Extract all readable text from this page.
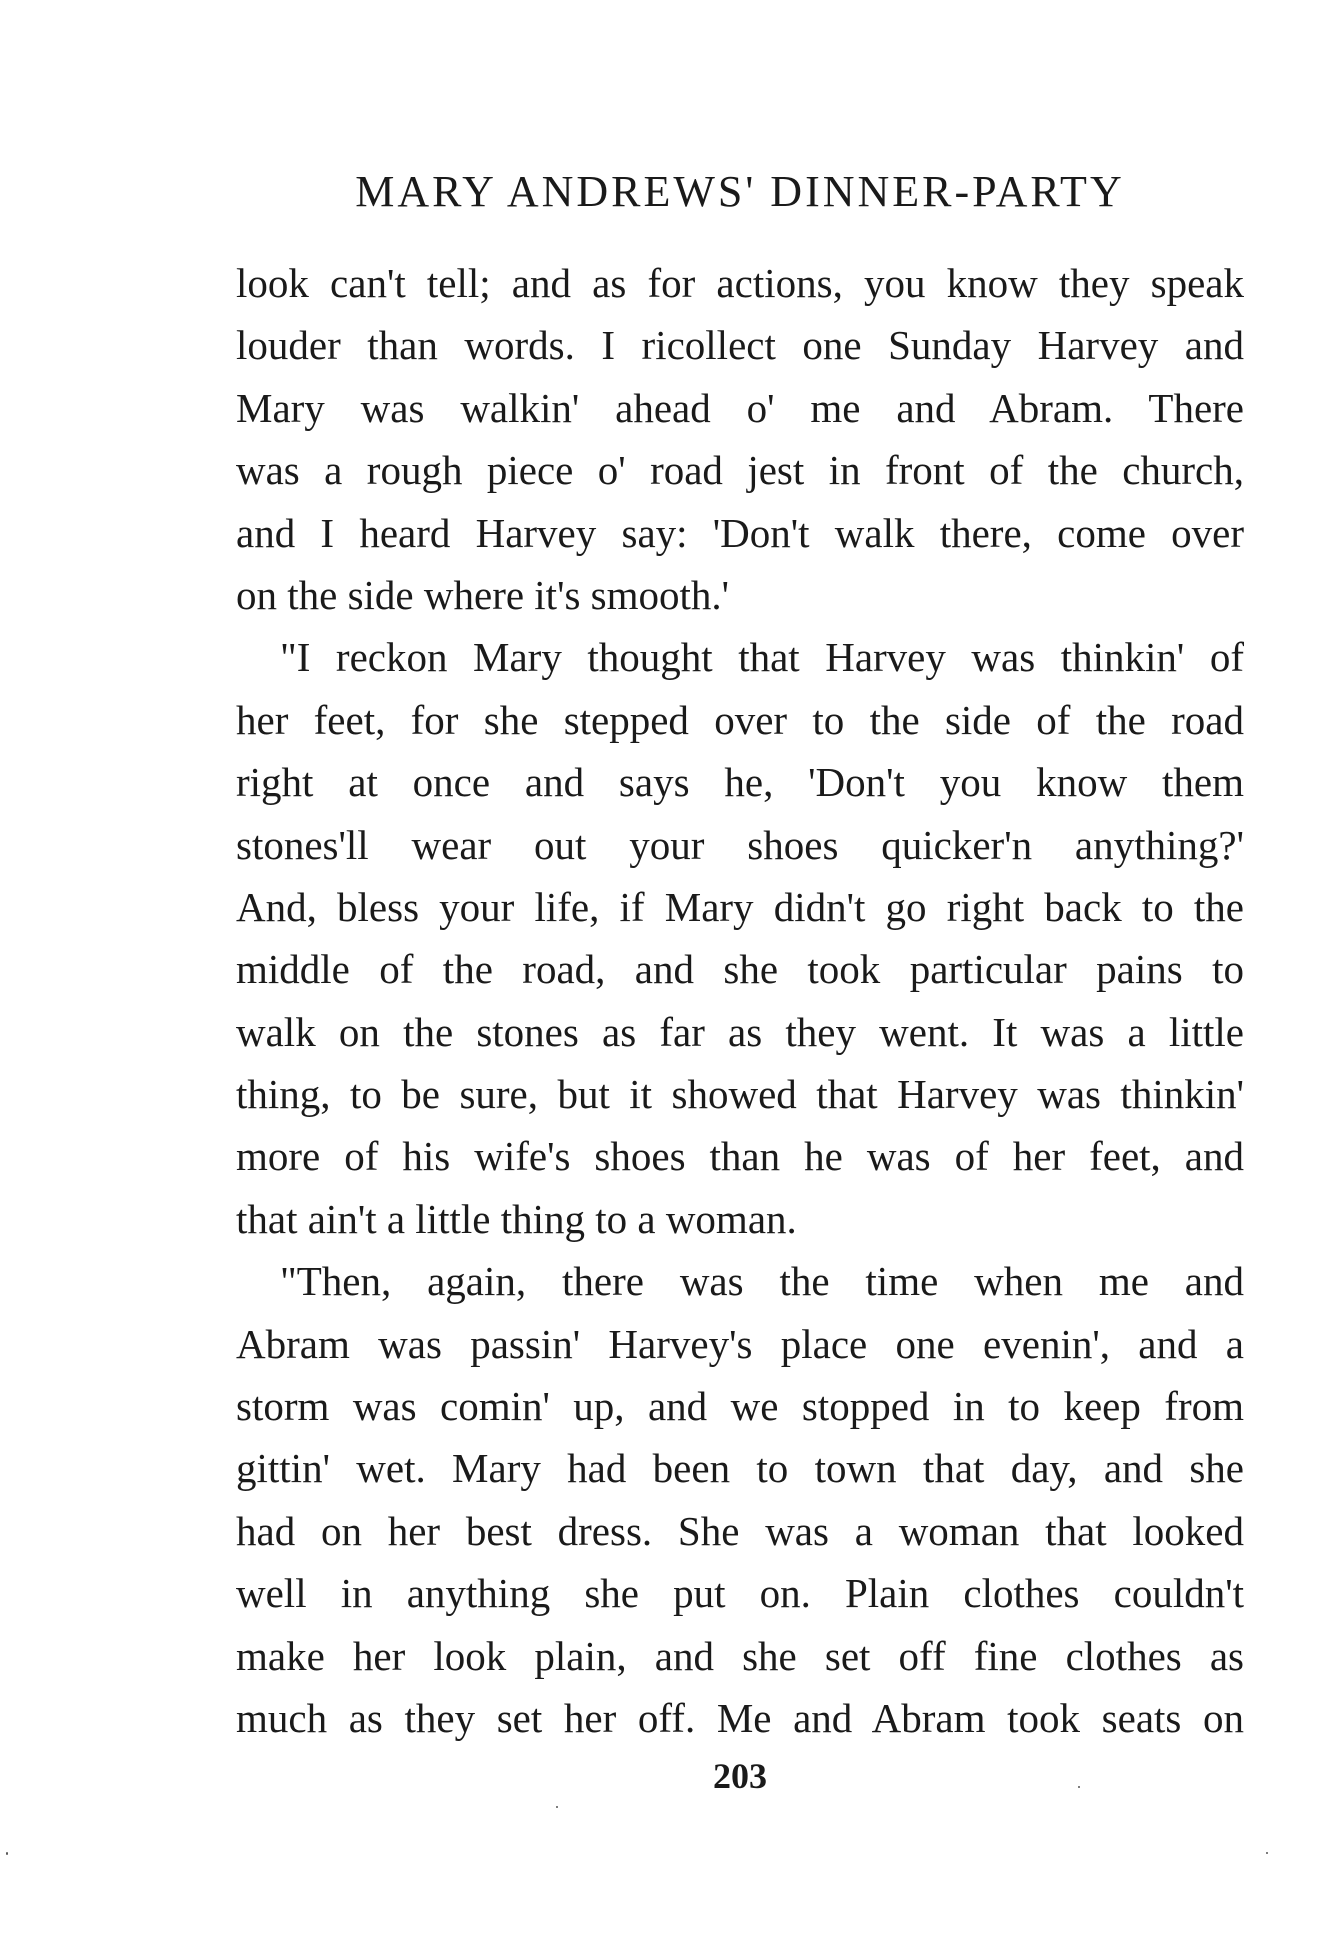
MARY ANDREWS' DINNER-PARTY
look can't tell; and as for actions, you know they speak
louder than words. I ricollect one Sunday Harvey and
Mary was walkin' ahead o' me and Abram. There
was a rough piece o' road jest in front of the church,
and I heard Harvey say: 'Don't walk there, come over
on the side where it's smooth.'
"I reckon Mary thought that Harvey was thinkin' of
her feet, for she stepped over to the side of the road
right at once and says he, 'Don't you know them
stones'll wear out your shoes quicker'n anything?'
And, bless your life, if Mary didn't go right back to the
middle of the road, and she took particular pains to
walk on the stones as far as they went. It was a little
thing, to be sure, but it showed that Harvey was thinkin'
more of his wife's shoes than he was of her feet, and
that ain't a little thing to a woman.
"Then, again, there was the time when me and
Abram was passin' Harvey's place one evenin', and a
storm was comin' up, and we stopped in to keep from
gittin' wet. Mary had been to town that day, and she
had on her best dress. She was a woman that looked
well in anything she put on. Plain clothes couldn't
make her look plain, and she set off fine clothes as
much as they set her off. Me and Abram took seats on
203
